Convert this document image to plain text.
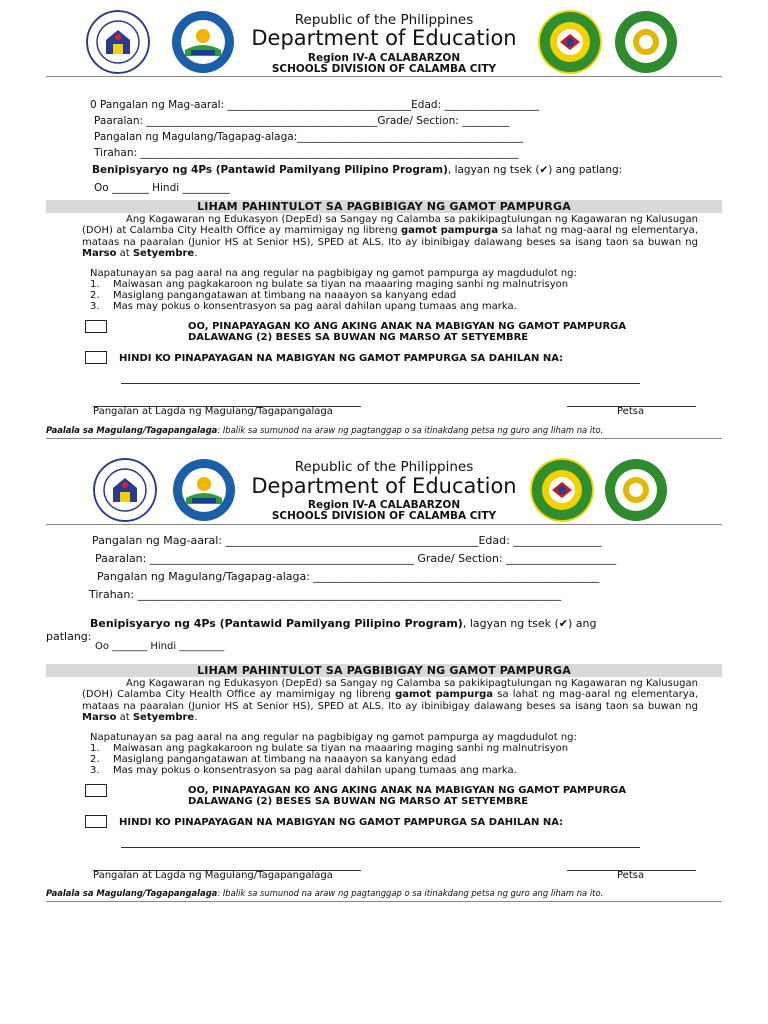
Republic of the Philippines
Department of Education
Region IV-A CALABARZON
SCHOOLS DIVISION OF CALAMBA CITY
0 Pangalan ng Mag-aaral: ___________________________________Edad: __________________
Paaralan: ____________________________________________Grade/ Section: _________
Pangalan ng Magulang/Tagapag-alaga:___________________________________________
Tirahan: ________________________________________________________________________
Benipisyaryo ng 4Ps (Pantawid Pamilyang Pilipino Program), lagyan ng tsek (✔) ang patlang:
Oo _______ Hindi _________
LIHAM PAHINTULOT SA PAGBIBIGAY NG GAMOT PAMPURGA
Ang Kagawaran ng Edukasyon (DepEd) sa Sangay ng Calamba sa pakikipagtulungan ng Kagawaran ng Kalusugan (DOH) at Calamba City Health Office ay mamimigay ng libreng gamot pampurga sa lahat ng mag-aaral ng elementarya, mataas na paaralan (Junior HS at Senior HS), SPED at ALS. Ito ay ibinibigay dalawang beses sa isang taon sa buwan ng Marso at Setyembre.
Napatunayan sa pag aaral na ang regular na pagbibigay ng gamot pampurga ay magdudulot ng:
1. Maiwasan ang pagkakaroon ng bulate sa tiyan na maaaring maging sanhi ng malnutrisyon
2. Masiglang pangangatawan at timbang na naaayon sa kanyang edad
3. Mas may pokus o konsentrasyon sa pag aaral dahilan upang tumaas ang marka.
OO, PINAPAYAGAN KO ANG AKING ANAK NA MABIGYAN NG GAMOT PAMPURGA
DALAWANG (2) BESES SA BUWAN NG MARSO AT SETYEMBRE
HINDI KO PINAPAYAGAN NA MABIGYAN NG GAMOT PAMPURGA SA DAHILAN NA:
Pangalan at Lagda ng Magulang/Tagapangalaga	Petsa
Paalala sa Magulang/Tagapangalaga: Ibalik sa sumunod na araw ng pagtanggap o sa itinakdang petsa ng guro ang liham na ito.
Republic of the Philippines
Department of Education
Region IV-A CALABARZON
SCHOOLS DIVISION OF CALAMBA CITY
Pangalan ng Mag-aaral: ______________________________________________Edad: ________________
Paaralan: ________________________________________________ Grade/ Section: ____________________
Pangalan ng Magulang/Tagapag-alaga: ____________________________________________________
Tirahan: _____________________________________________________________________________
Benipisyaryo ng 4Ps (Pantawid Pamilyang Pilipino Program), lagyan ng tsek (✔) ang
patlang:
Oo _______ Hindi _________
LIHAM PAHINTULOT SA PAGBIBIGAY NG GAMOT PAMPURGA
Ang Kagawaran ng Edukasyon (DepEd) sa Sangay ng Calamba sa pakikipagtulungan ng Kagawaran ng Kalusugan (DOH) Calamba City Health Office ay mamimigay ng libreng gamot pampurga sa lahat ng mag-aaral ng elementarya, mataas na paaralan (Junior HS at Senior HS), SPED at ALS. Ito ay ibinibigay dalawang beses sa isang taon sa buwan ng Marso at Setyembre.
Napatunayan sa pag aaral na ang regular na pagbibigay ng gamot pampurga ay magdudulot ng:
1. Maiwasan ang pagkakaroon ng bulate sa tiyan na maaaring maging sanhi ng malnutrisyon
2. Masiglang pangangatawan at timbang na naaayon sa kanyang edad
3. Mas may pokus o konsentrasyon sa pag aaral dahilan upang tumaas ang marka.
OO, PINAPAYAGAN KO ANG AKING ANAK NA MABIGYAN NG GAMOT PAMPURGA
DALAWANG (2) BESES SA BUWAN NG MARSO AT SETYEMBRE
HINDI KO PINAPAYAGAN NA MABIGYAN NG GAMOT PAMPURGA SA DAHILAN NA:
Pangalan at Lagda ng Magulang/Tagapangalaga	Petsa
Paalala sa Magulang/Tagapangalaga: Ibalik sa sumunod na araw ng pagtanggap o sa itinakdang petsa ng guro ang liham na ito.
